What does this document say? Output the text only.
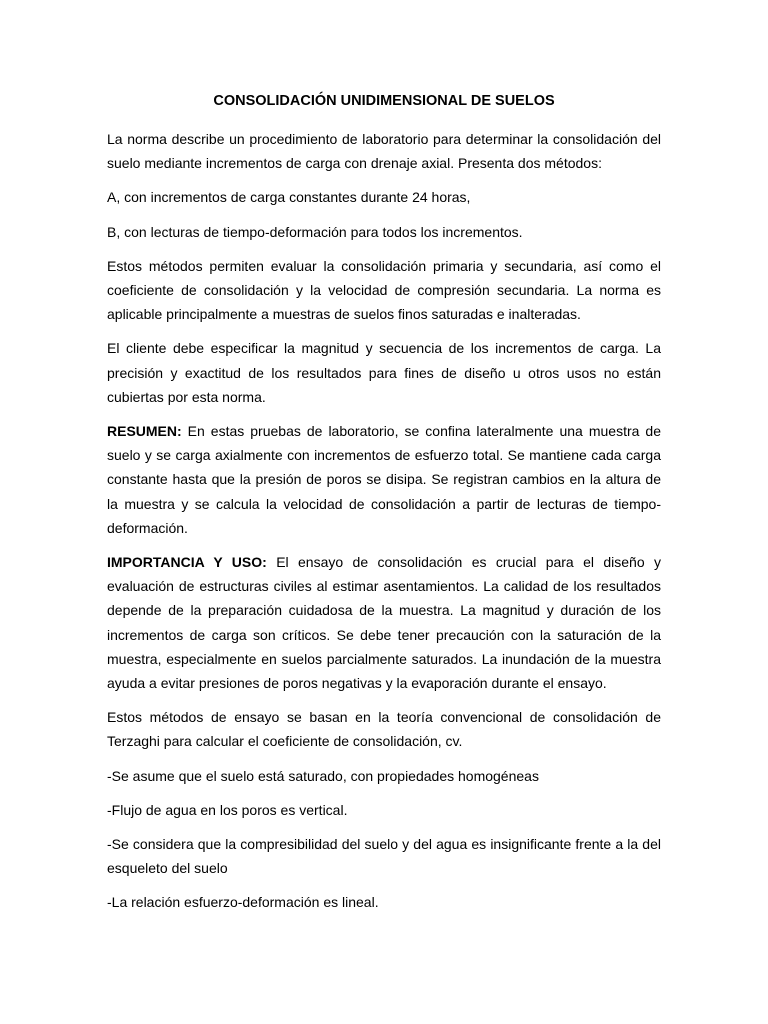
CONSOLIDACIÓN UNIDIMENSIONAL DE SUELOS

La norma describe un procedimiento de laboratorio para determinar la consolidación del suelo mediante incrementos de carga con drenaje axial. Presenta dos métodos:

A, con incrementos de carga constantes durante 24 horas,

B, con lecturas de tiempo-deformación para todos los incrementos.

Estos métodos permiten evaluar la consolidación primaria y secundaria, así como el coeficiente de consolidación y la velocidad de compresión secundaria. La norma es aplicable principalmente a muestras de suelos finos saturadas e inalteradas.

El cliente debe especificar la magnitud y secuencia de los incrementos de carga. La precisión y exactitud de los resultados para fines de diseño u otros usos no están cubiertas por esta norma.

RESUMEN: En estas pruebas de laboratorio, se confina lateralmente una muestra de suelo y se carga axialmente con incrementos de esfuerzo total. Se mantiene cada carga constante hasta que la presión de poros se disipa. Se registran cambios en la altura de la muestra y se calcula la velocidad de consolidación a partir de lecturas de tiempo-deformación.

IMPORTANCIA Y USO: El ensayo de consolidación es crucial para el diseño y evaluación de estructuras civiles al estimar asentamientos. La calidad de los resultados depende de la preparación cuidadosa de la muestra. La magnitud y duración de los incrementos de carga son críticos. Se debe tener precaución con la saturación de la muestra, especialmente en suelos parcialmente saturados. La inundación de la muestra ayuda a evitar presiones de poros negativas y la evaporación durante el ensayo.

Estos métodos de ensayo se basan en la teoría convencional de consolidación de Terzaghi para calcular el coeficiente de consolidación, cv.

-Se asume que el suelo está saturado, con propiedades homogéneas

-Flujo de agua en los poros es vertical.

-Se considera que la compresibilidad del suelo y del agua es insignificante frente a la del esqueleto del suelo

-La relación esfuerzo-deformación es lineal.
